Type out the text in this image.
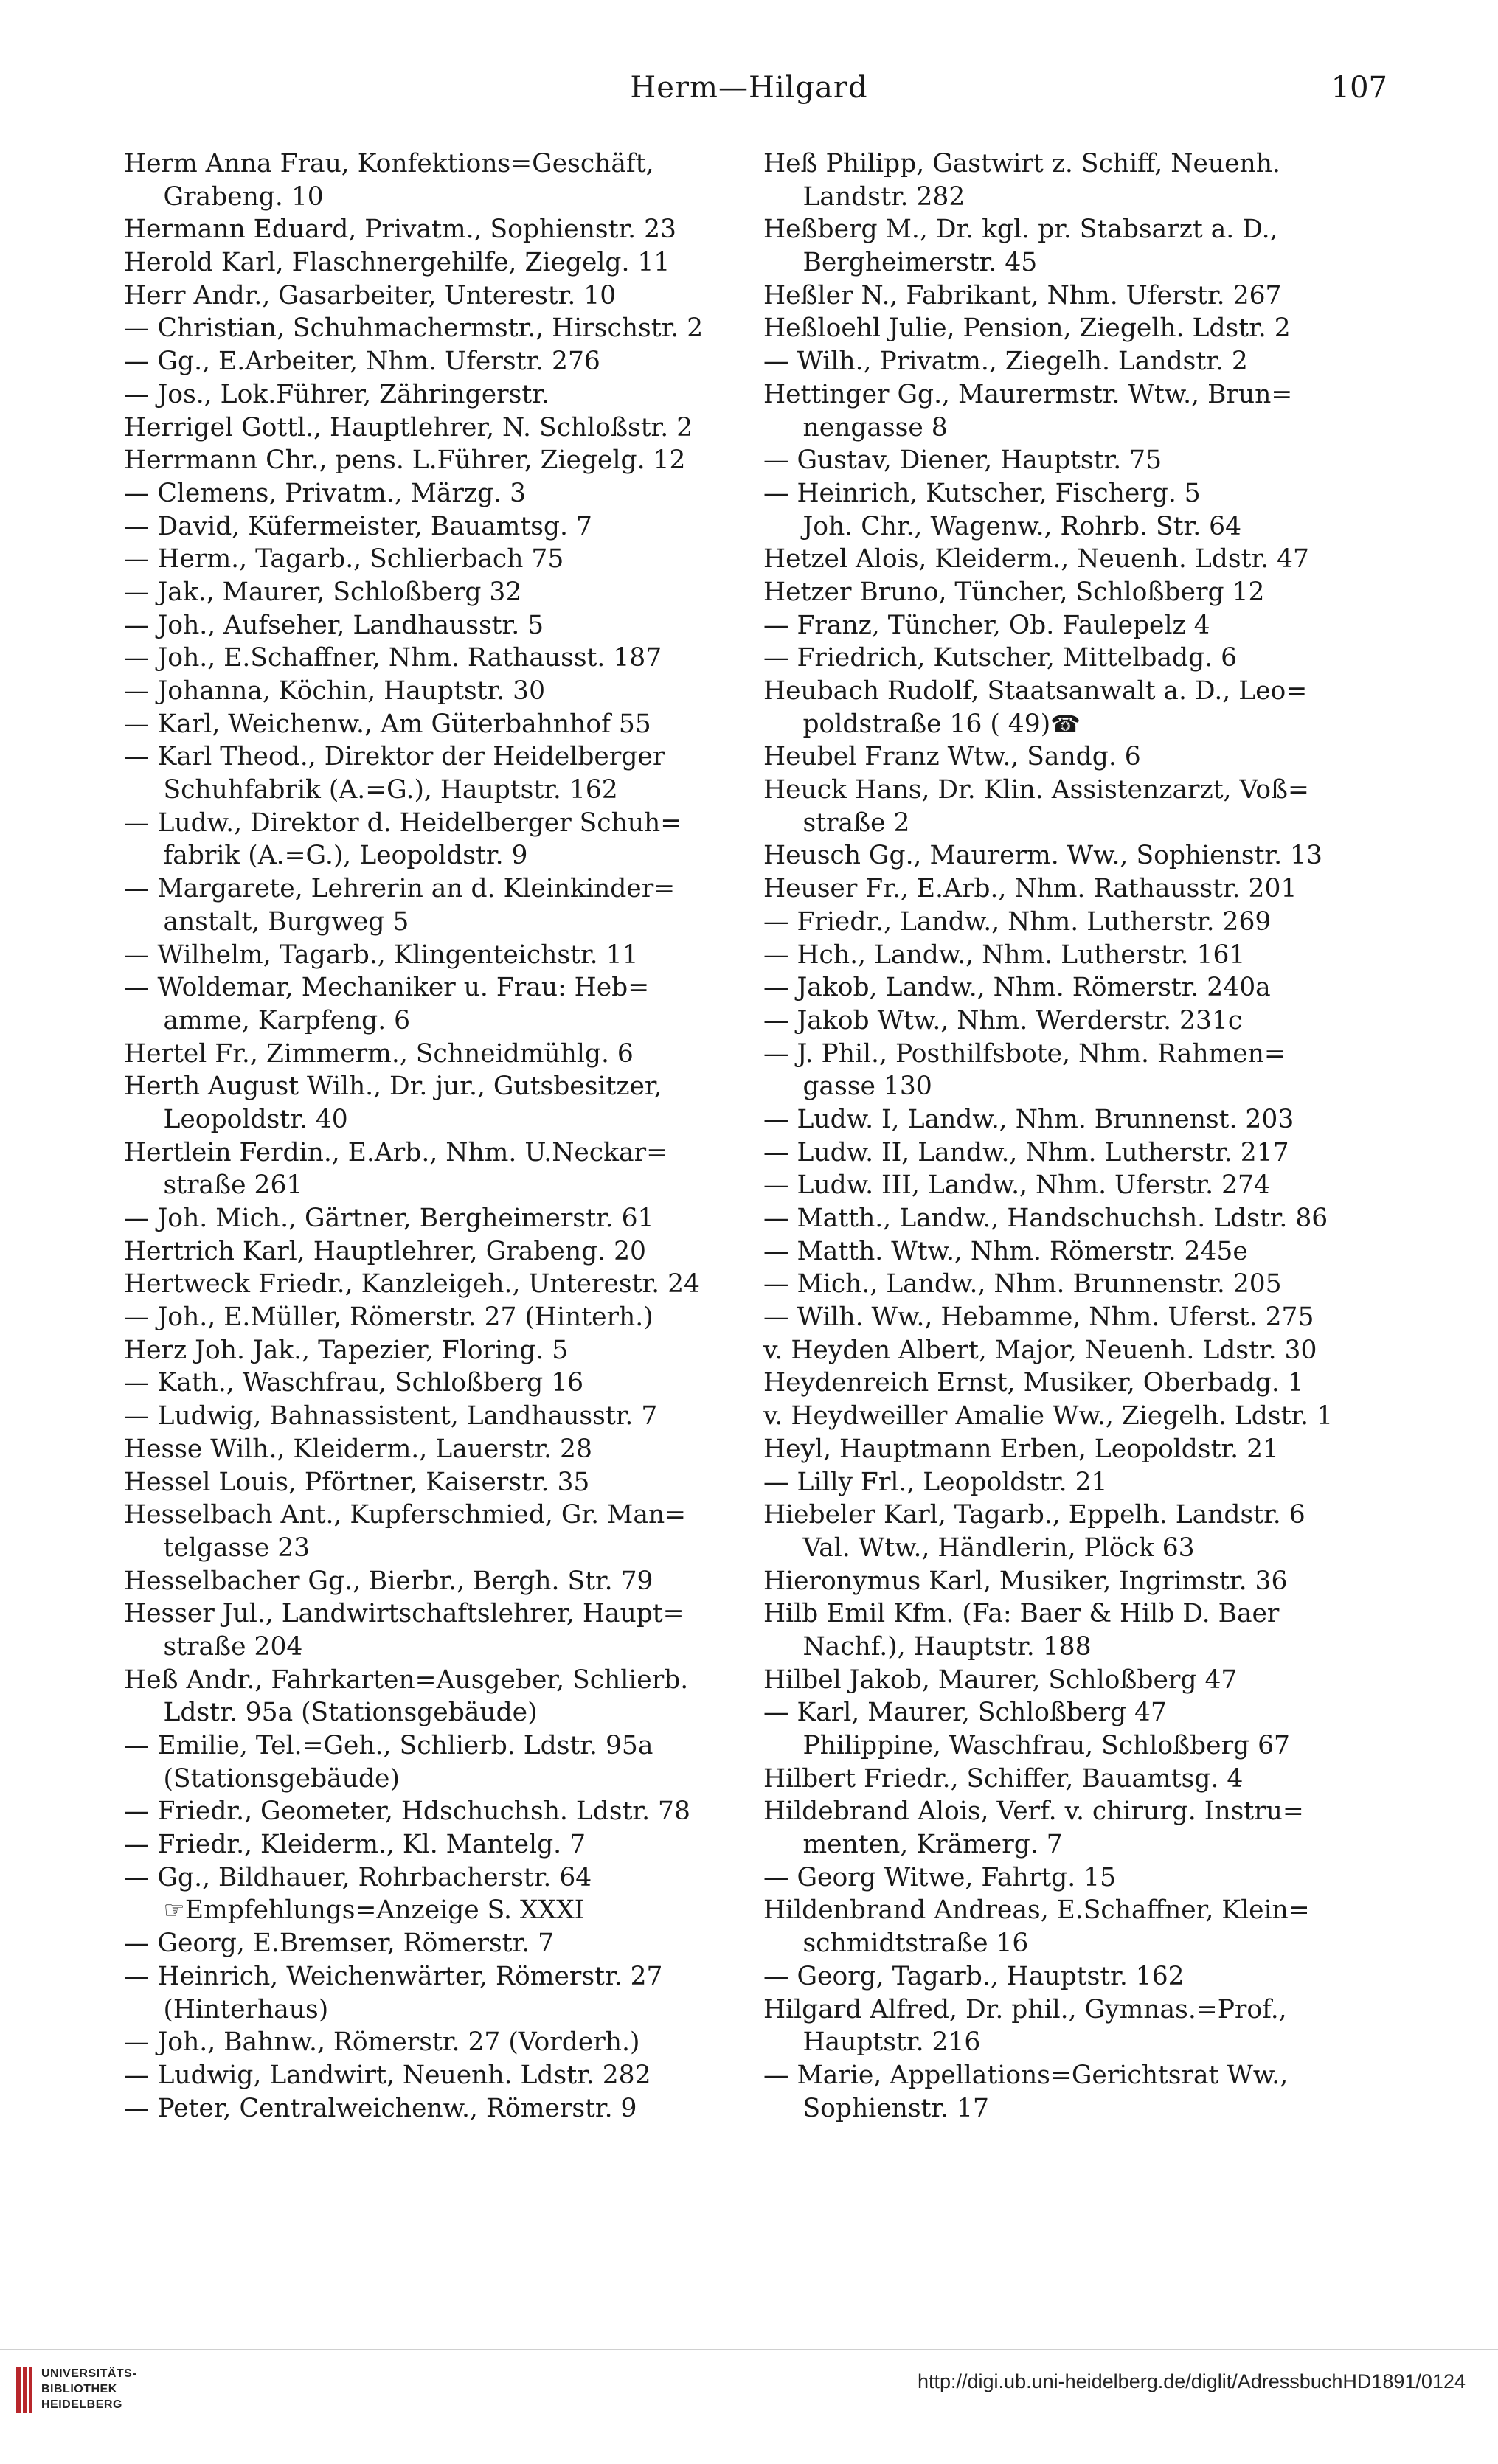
Herm—Hilgard	107
Herm Anna Frau, Konfektions=Geschäft,
Grabeng. 10
Hermann Eduard, Privatm., Sophienstr. 23
Herold Karl, Flaschnergehilfe, Ziegelg. 11
Herr Andr., Gasarbeiter, Unterestr. 10
— Christian, Schuhmachermstr., Hirschstr. 2
— Gg., E.Arbeiter, Nhm. Uferstr. 276
— Jos., Lok.Führer, Zähringerstr.
Herrigel Gottl., Hauptlehrer, N. Schloßstr. 2
Herrmann Chr., pens. L.Führer, Ziegelg. 12
— Clemens, Privatm., Märzg. 3
— David, Küfermeister, Bauamtsg. 7
— Herm., Tagarb., Schlierbach 75
— Jak., Maurer, Schloßberg 32
— Joh., Aufseher, Landhausstr. 5
— Joh., E.Schaffner, Nhm. Rathausst. 187
— Johanna, Köchin, Hauptstr. 30
— Karl, Weichenw., Am Güterbahnhof 55
— Karl Theod., Direktor der Heidelberger
Schuhfabrik (A.=G.), Hauptstr. 162
— Ludw., Direktor d. Heidelberger Schuh=
fabrik (A.=G.), Leopoldstr. 9
— Margarete, Lehrerin an d. Kleinkinder=
anstalt, Burgweg 5
— Wilhelm, Tagarb., Klingenteichstr. 11
— Woldemar, Mechaniker u. Frau: Heb=
amme, Karpfeng. 6
Hertel Fr., Zimmerm., Schneidmühlg. 6
Herth August Wilh., Dr. jur., Gutsbesitzer,
Leopoldstr. 40
Hertlein Ferdin., E.Arb., Nhm. U.Neckar=
straße 261
— Joh. Mich., Gärtner, Bergheimerstr. 61
Hertrich Karl, Hauptlehrer, Grabeng. 20
Hertweck Friedr., Kanzleigeh., Unterestr. 24
— Joh., E.Müller, Römerstr. 27 (Hinterh.)
Herz Joh. Jak., Tapezier, Floring. 5
— Kath., Waschfrau, Schloßberg 16
— Ludwig, Bahnassistent, Landhausstr. 7
Hesse Wilh., Kleiderm., Lauerstr. 28
Hessel Louis, Pförtner, Kaiserstr. 35
Hesselbach Ant., Kupferschmied, Gr. Man=
telgasse 23
Hesselbacher Gg., Bierbr., Bergh. Str. 79
Hesser Jul., Landwirtschaftslehrer, Haupt=
straße 204
Heß Andr., Fahrkarten=Ausgeber, Schlierb.
Ldstr. 95a (Stationsgebäude)
— Emilie, Tel.=Geh., Schlierb. Ldstr. 95a
(Stationsgebäude)
— Friedr., Geometer, Hdschuchsh. Ldstr. 78
— Friedr., Kleiderm., Kl. Mantelg. 7
— Gg., Bildhauer, Rohrbacherstr. 64
☞Empfehlungs=Anzeige S. XXXI
— Georg, E.Bremser, Römerstr. 7
— Heinrich, Weichenwärter, Römerstr. 27
(Hinterhaus)
— Joh., Bahnw., Römerstr. 27 (Vorderh.)
— Ludwig, Landwirt, Neuenh. Ldstr. 282
— Peter, Centralweichenw., Römerstr. 9
Heß Philipp, Gastwirt z. Schiff, Neuenh.
Landstr. 282
Heßberg M., Dr. kgl. pr. Stabsarzt a. D.,
Bergheimerstr. 45
Heßler N., Fabrikant, Nhm. Uferstr. 267
Heßloehl Julie, Pension, Ziegelh. Ldstr. 2
— Wilh., Privatm., Ziegelh. Landstr. 2
Hettinger Gg., Maurermstr. Wtw., Brun=
nengasse 8
— Gustav, Diener, Hauptstr. 75
— Heinrich, Kutscher, Fischerg. 5
Joh. Chr., Wagenw., Rohrb. Str. 64
Hetzel Alois, Kleiderm., Neuenh. Ldstr. 47
Hetzer Bruno, Tüncher, Schloßberg 12
— Franz, Tüncher, Ob. Faulepelz 4
— Friedrich, Kutscher, Mittelbadg. 6
Heubach Rudolf, Staatsanwalt a. D., Leo=
poldstraße 16 ( 49)☎
Heubel Franz Wtw., Sandg. 6
Heuck Hans, Dr. Klin. Assistenzarzt, Voß=
straße 2
Heusch Gg., Maurerm. Ww., Sophienstr. 13
Heuser Fr., E.Arb., Nhm. Rathausstr. 201
— Friedr., Landw., Nhm. Lutherstr. 269
— Hch., Landw., Nhm. Lutherstr. 161
— Jakob, Landw., Nhm. Römerstr. 240a
— Jakob Wtw., Nhm. Werderstr. 231c
— J. Phil., Posthilfsbote, Nhm. Rahmen=
gasse 130
— Ludw. I, Landw., Nhm. Brunnenst. 203
— Ludw. II, Landw., Nhm. Lutherstr. 217
— Ludw. III, Landw., Nhm. Uferstr. 274
— Matth., Landw., Handschuchsh. Ldstr. 86
— Matth. Wtw., Nhm. Römerstr. 245e
— Mich., Landw., Nhm. Brunnenstr. 205
— Wilh. Ww., Hebamme, Nhm. Uferst. 275
v. Heyden Albert, Major, Neuenh. Ldstr. 30
Heydenreich Ernst, Musiker, Oberbadg. 1
v. Heydweiller Amalie Ww., Ziegelh. Ldstr. 1
Heyl, Hauptmann Erben, Leopoldstr. 21
— Lilly Frl., Leopoldstr. 21
Hiebeler Karl, Tagarb., Eppelh. Landstr. 6
Val. Wtw., Händlerin, Plöck 63
Hieronymus Karl, Musiker, Ingrimstr. 36
Hilb Emil Kfm. (Fa: Baer & Hilb D. Baer
Nachf.), Hauptstr. 188
Hilbel Jakob, Maurer, Schloßberg 47
— Karl, Maurer, Schloßberg 47
Philippine, Waschfrau, Schloßberg 67
Hilbert Friedr., Schiffer, Bauamtsg. 4
Hildebrand Alois, Verf. v. chirurg. Instru=
menten, Krämerg. 7
— Georg Witwe, Fahrtg. 15
Hildenbrand Andreas, E.Schaffner, Klein=
schmidtstraße 16
— Georg, Tagarb., Hauptstr. 162
Hilgard Alfred, Dr. phil., Gymnas.=Prof.,
Hauptstr. 216
— Marie, Appellations=Gerichtsrat Ww.,
Sophienstr. 17
UNIVERSITÄTS-
BIBLIOTHEK
HEIDELBERG
http://digi.ub.uni-heidelberg.de/diglit/AdressbuchHD1891/0124
